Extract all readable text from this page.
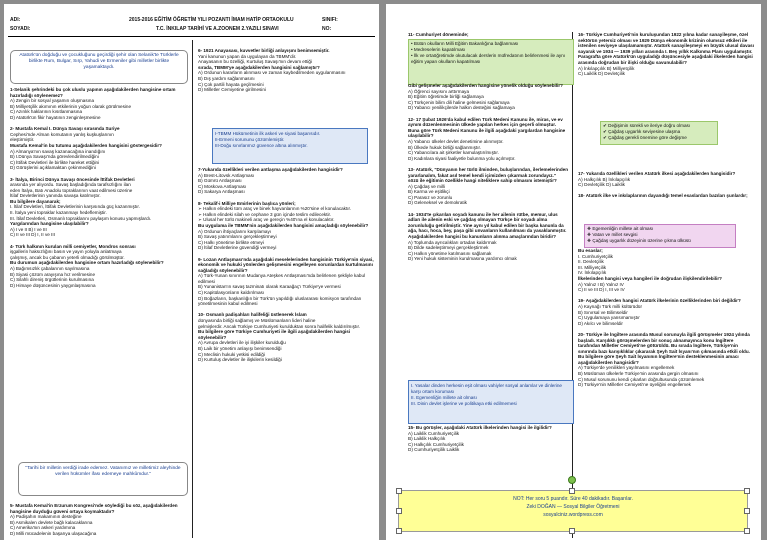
ADI:
SOYADI:
2015-2016 EĞİTİM ÖĞRETİM YILI POZANTI İMAM HATİP ORTAOKULU
T.C. İNKILAP TARİHİ VE A.ZOONEM 2.YAZILI SINAVI
SINIFI:
NO:
Atatürk'ün doğduğu ve çocukluğunu geçirdiği şehir olan Selanik'te Türklerle birlikte Rum, Bulgar, Sırp, Yahudi ve Ermeniler gibi milletler birlikte yaşamaktaydı.
1-Selanik şehrindeki bu çok uluslu yapının aşağıdakilerden hangisine ortam hazırladığı söylenemez?
A) Zengin bir sosyal yaşamın oluşmasına
B) Milliyetçilik akımının etkilerinin yoğun olarak görülmesine
C) Azınlık haklarının kısıtlanmasına
D) Atatürk'ün fikir hayatının zenginleşmesine

2- Mustafa Kemal I. Dünya Savaşı sırasında Suriye
Cephesi'nde Alman komutanın yanlış kuşkuşlarının
eleştirmiştir.
Mustafa Kemal'in bu tutumu aşağıdakilerden hangisini göstergesidir?
A) Almanya'nın savaş kazanacağına inandığını
B) I.Dünya Savaşı'nda görevlendirilmediğini
C) İttifak Devletleri ile birlikte hareket ettiğini
D) Görüşlerini açıklamaktan çekinmediğini

3- İtalya, Birinci Dünya Savaşı öncesinde İttifak Devletleri
arasında yer alıyordu. Savaş başladığında tarafsızlığını ilan
eden İtalya, Batı Anadolu topraklarının vaat edilmesi üzerine
İtilaf Devletlerinin yanında savaşa katılmıştır.
Bu bilgilere dayanarak;
I. İtilaf Devletleri, İttifak Devletlerinin karşısında güç kazanmıştır.
II. İtalya yeni topraklar kazanmayı hedeflemiştir.
III. İtilaf Devletleri, Osmanlı topraklarını paylaşım konusu yapmışlardı.
Yargılarından hangisine ulaşılabilir?
A) I ve II B) I ve III
C) II ve III D) I, II ve III

4- Türk halkının kurulan milli cemiyetler, Mondros sonrası
işgallerin haksızlığını basın ve yayın yoluyla anlatmaya
çalışmış, ancak bu çabanın yeterli olmadığı görülmüştür.
Bu durumun aşağıdakilerden hangisine ortam hazırladığı söylenebilir?
A) Bağımsızlık çabalarının sayılmasına
B) Siyasi çözüm arayışına hız verilmesine
C) Silahlı direniş örgütlerinin kurulmasına
D) Himaye düşüncesinin yaygınlaşmasına
"Tarihi bir milletin verdiği irade edemez. Vatanımız ve milletimiz aleyhinde verilen hükümler ifası edemeye mahkûmdur."
5- Mustafa Kemal'in Erzurum Kongresi'nde söylediği bu söz, aşağıdakilerden hangisine duyduğu güveni ortaya koymaktadır?
A) Padişahın makamının desteğine
B) Asmikalen devlete bağlı kalacaklarına
C) Amerika'nın askeri yardımına
D) Milli mücadelenin başarıya ulaşacağına
6- 1921 Anayasası, kuvvetler birliği anlayışını benimsemiştir.
Yani kanunun yapan da uygulayan da TBMM'dir.
Anayasanın bu özelliği, Kurtuluş Savaşı'nın devam ettiği
sırada, TBMM'ye aşağıdakilerden hangisini sağlamıştır?
A) Ordunun kararların alınması ve zaman kaybedilmeden uygulanmasını
B) Dış yardım sağlanmasını
C) Çok partili hayata geçilmesini
D) Milletler Cemiyetine girilmesini
I-TBMM Hükümetinin ilk askeri ve siyasi başarısıdır.
II-Ermeni sorununu çözümlemiştir.
III-Doğu sınırlarımız güvence altına alınmıştır.
7-Yukarıda özellikleri verilen antlaşma aşağıdakilerden hangisidir?
A) Brest-Litovsk Antlaşması
B) Gümrü Antlaşması
C) Moskova Antlaşması
D) Sakarya Antlaşması

8- Tekalif-i Milliye Emirlerinin başlıca yönleri;
➢ Halkın elindeki tüm araç ve binek hayvanlarının %20'sine el konulacaktır.
➢ Halkın elindeki silah ve cephane 3 gün içinde teslim edilecektir.
➢ Ulusal her türlü makineli araç ve gereçin %40'ına el konulacaktır.
Bu uygulama ile TBMM'nin aşağıdakilerden hangisini amaçladığı söylenebilir?
A) Ordunun ihtiyaçlarını karşılamayı
B) Savaş yatırımlarını gerçekleştirmeyi
C) Halkı yönetime birlikte etmeyi
D) İtilaf Devletlerine güvendiği vermeyi

9- Lozan Antlaşması'nda aşağıdaki meselelerinden hangisinin Türkiye'nin siyasi, ekonomik ve hukuki yönlerden gelişmesini engelleyen sorunlardan kurtulmasını sağladığı söylenebilir?
A) Türk-Yunan sınırının Mudanya Ateşkes Antlaşması'nda belirlenen şekliyle kabul edilmesi
B) Yunanistan'ın savaş tazminatı olarak Karaağaç'ı Türkiye'ye vermesi
C) Kapitülasyonların kaldırılması
D) Boğazların, başkanlığın bir Türk'ün yapıldığı uluslararası komisyon tarafından yönetilmesinin kabul edilmesi

10- Osmanlı padişahları halifeliği üstlenerek İslam
dünyasında birliği sağlamış ve Müslümanların lideri haline
gelmişlerdir. Ancak Türkiye Cumhuriyeti kurulduktan sonra halifelik kaldırılmıştır.
Bu bilgilere göre Türkiye Cumhuriyeti ile ilgili aşağıdakilerden hangisi söylenebilir?
A) Avrupa devletleri ile iyi ilişkiler kurulduğu
B) Laik bir yönetim anlayışı benimsendiği
C) Meclisin hukuki yetkisi edildiği
D) Kurtuluş devletler ile ilişkilerin kesildiği
11- Cumhuriyet döneminde;
• Bütün okulların Milli Eğitim Bakanlığına bağlanması
• Medreselerin kapatılması
• İlk ve ortaöğretimde okutulacak derslerin müfredatının belirlenmesi ile aynı eğitim yapan okulların kapatılması
Gibi gelişmeler aşağıdakilerden hangisine yönelik olduğu söylenebilir?
A) Öğrenci sayısını arttırmaya
B) Eğitim öğretimde birliği sağlamaya
C) Türkçenin bilim dili haline gelmesini sağlamaya
D) Yabancı yenilikçilerde halkın desteğini sağlamaya

12- 17 Şubat 1926'da kabul edilen Türk Medeni Kanunu ile, miras, ve ev aynım düzenlenmesinin ülkede yapılan herkes için geçerli olmuştur.
Buna göre Türk Medeni Kanunu ile ilgili aşağıdaki yargılardan hangisine ulaşılabilir?
A) Yabancı ülkeler devlet denetimine alınmıştır.
B) Ülkede hukuk birliği sağlanmıştır.
C) Yabancılara ait şirketler kamulaştırılmıştır.
D) Kadınlara siyasi faaliyetle bulunma yolu açılmıştır.

13- Atatürk, "Dünyanın her türlü ilminden, buluşlarından, ilerlemelerinden yararlanalım, fakat asıl temel kendi içimizden çıkarmak zorundayız."
sözü ile eğitimin özellikle hangi niteliklere sahip olmasını istemiştir?
A) Çağdaş ve milli
B) Karma ve eşitlikçi
C) Parasız ve zorunlu
D) Geleneksel ve demokratik

14- 1934'te çıkarılan soyadı kanunu ile her ailenin rütbe, memur, ulus adları ile ailenin eski ve çağdaş olmayan Türkçe bir soyadı alma zorunluluğu getirilmiştir. Yine aynı yıl kabul edilen bir başka kanunla da ağa, hacı, hoca, bey, paşa gibi unvanların kullanılması da yasaklanmıştır.
Aşağıdakilerden hangisi bu kanunların alınma amaçlarından biridir?
A) Toplumda ayrıcalıkları ortadan kaldırmak
B) Dilde sadeleştirmeyi gerçekleştirmek
C) Halkın yönetime katılmasını sağlamak
D) Yeni hukuk sisteminin kurulmasına yardımcı olmak
I. Yasalar dinden herkesin eşit olması vahiyler sosyal anlamlar ve dinlerine karşı ortam koruması
II. Egemenliğin millete ait olması
III. Dinin devlet işlerine ve politikaya etki edilmemesi
15- Bu görüşler, aşağıdaki Atatürk ilkelerinden hangisi ile ilgilidir?
A) Laiklik Cumhuriyetçilik
B) Laiklik Halkçılık
C) Halkçılık Cumhuriyetçilik
D) Cumhuriyetçilik Laiklik
16- Türkiye Cumhuriyeti'nin kuruluşundan 1922 yılına kadar sanayileşme, özel sektörün yetersiz olması ve 1929 Dünya ekonomik krizinin olumsuz etkileri ile istenilen seviyeye ulaşılamamıştır. Atatürk sanayileşmeyi en büyük ulusal davası sayarak ve 1934 — 1939 yılları arasında I. Beş yıllık Kalkınma Planı uygulamıştır.
Paragrafta göre Atatürk'ün uyguladığı düşüncesiyle aşağıdaki ilkelerden hangisi arasında doğrudan bir ilişki olduğu savunulabilir?
A) İnkılapçılık B) Milliyetçilik
C) Laiklik D) Devletçilik
✔ Değişimin sürekli ve ileriye doğru olması
✔ Çağdaş uygarlık seviyesine ulaşma
✔ Çağdaş gerekli önemine göre değişme
17- Yukarıda özellikleri verilen Atatürk ilkesi aşağıdakilerden hangisidir?
A) Halkçılık B) İnkılapçılık
C) Devletçilik D) Laiklik

18- Atatürk ilke ve inkılaplarının dayandığı temel esaslardan bazıları şunlardır;
❖ Egemenliğin millete ait olması
❖ Vatan ve millet sevgisi
❖ Çağdaş uygarlık düzeyinin üzerine çıkma ülküsü
Bu esaslar;
I. Cumhuriyetçilik
II. Devletçilik
III. Milliyetçilik
IV. İnkılapçılık
İlkelerinden hangisi veya hangileri ile doğrudan ilişkilendirilebilir?
A) Yalnız I B) Yalnız IV
C) II ve III D) I, III ve IV

19- Aşağıdakilerden hangisi Atatürk ilkelerinin özelliklerinden biri değildir?
A) Kaynağı Türk milli kültürüdür
B) Sınırsal ve Bilimseldir
C) Uygulamaya yansımamıştır
D) Akılcı ve bilimseldir

20- Türkiye ile İngiltere arasında Musul sorunuyla ilgili görüşmeler 1924 yılında başladı. Karşılıklı görüşmelerden bir sonuç alınamayınca konu İngiltere tarafından Milletler Cemiyeti'ne götürüldü. Bu sırada İngiltere, Türkiye'nin sınırında bazı karışıklıklar çıkararak Şeyh Sait İsyanı'nın çıkmasında etkili oldu.
Bu bilgilere göre Şeyh Sait İsyanının İngiltere'nin desteklenmesinin amacı aşağıdakilerden hangisidir?
A) Türkiye'de yenilikleri yayılmasını engellemek
B) Müslüman ülkelerle Türkiye'nin arasında gergin olmasını
C) Musul sorununu kendi çıkarları doğrultusunda çözümlemek
D) Türkiye'nin Milletler Cemiyeti'ne üyeliğini engellemek
NOT: Her soru 5 puandır. Süre 40 dakikadır. Başarılar.
Zeki DOĞAN — Sosyal Bilgiler Öğretmeni
sosyalciniz.wordpress.com
